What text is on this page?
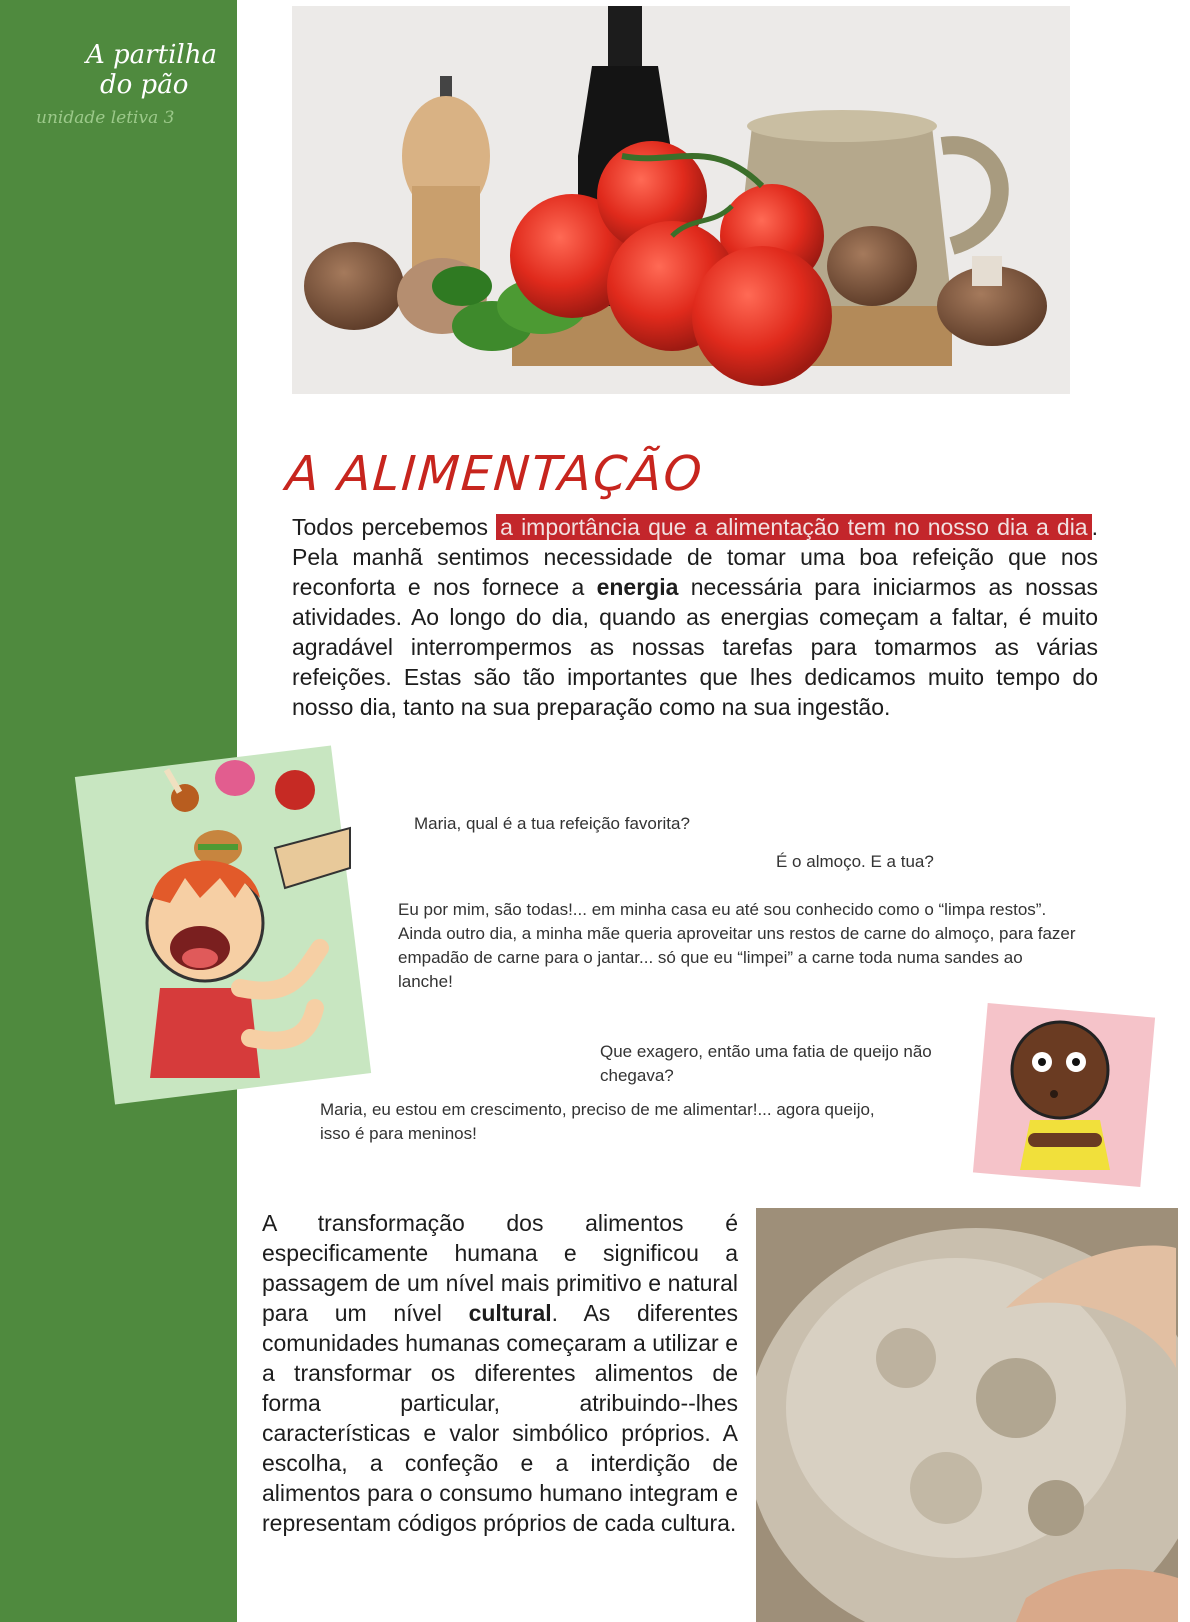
A partilha
do pão
unidade letiva 3
A ALIMENTAÇÃO
Todos percebemos a importância que a alimentação tem no nosso dia a dia . Pela manhã sentimos necessidade de tomar uma boa refeição que nos reconforta e nos fornece a energia necessária para iniciarmos as nossas atividades. Ao longo do dia, quando as energias começam a faltar, é muito agradável interrompermos as nossas tarefas para tomarmos as várias refeições. Estas são tão importantes que lhes dedicamos muito tempo do nosso dia, tanto na sua preparação como na sua ingestão.
Maria, qual é a tua refeição favorita?
É o almoço. E a tua?
Eu por mim, são todas!... em minha casa eu até sou conhecido como o “limpa restos”. Ainda outro dia, a minha mãe queria aproveitar uns restos de carne do almoço, para fazer empadão de carne para o jantar... só que eu “limpei” a carne toda numa sandes ao lanche!
Que exagero, então uma fatia de queijo não chegava?
Maria, eu estou em crescimento, preciso de me alimentar!... agora queijo, isso é para meninos!
A transformação dos alimentos é especificamente humana e significou a passagem de um nível mais primitivo e natural para um nível cultural. As diferentes comunidades humanas começaram a utilizar e a transformar os diferentes alimentos de forma particular, atribuindo--lhes características e valor simbólico próprios. A escolha, a confeção e a interdição de alimentos para o consumo humano integram e representam códigos próprios de cada cultura.
